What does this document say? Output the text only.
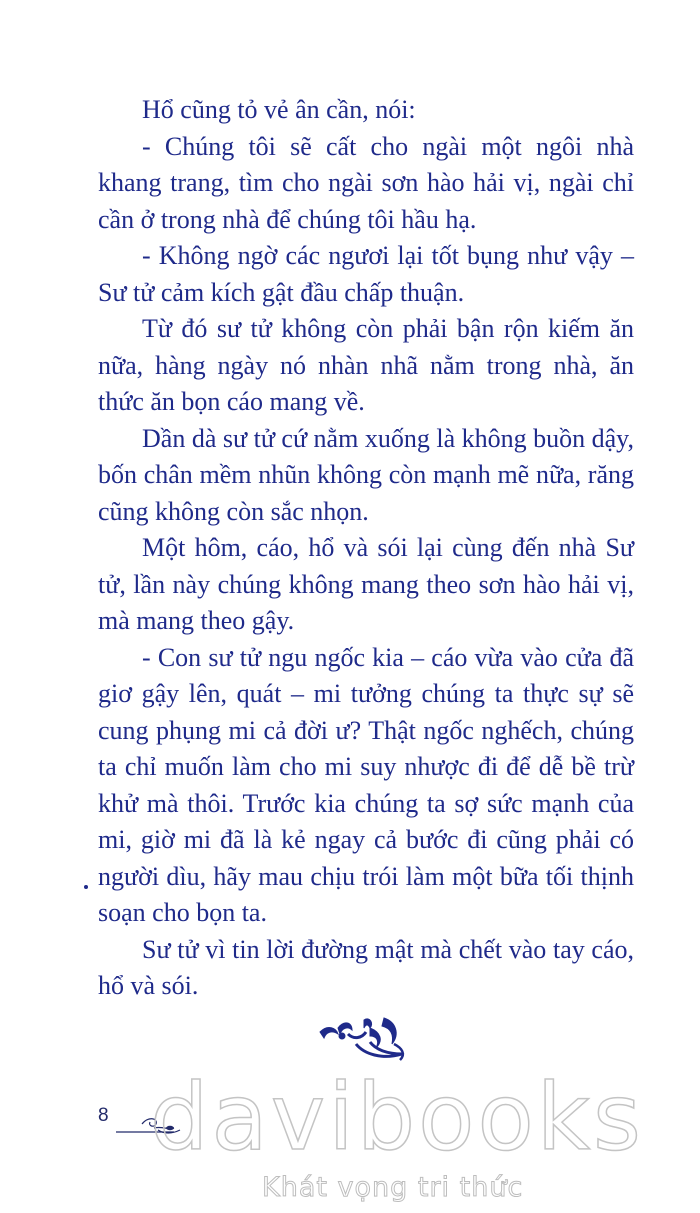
Hổ cũng tỏ vẻ ân cần, nói:

- Chúng tôi sẽ cất cho ngài một ngôi nhà khang trang, tìm cho ngài sơn hào hải vị, ngài chỉ cần ở trong nhà để chúng tôi hầu hạ.

- Không ngờ các ngươi lại tốt bụng như vậy – Sư tử cảm kích gật đầu chấp thuận.

Từ đó sư tử không còn phải bận rộn kiếm ăn nữa, hàng ngày nó nhàn nhã nằm trong nhà, ăn thức ăn bọn cáo mang về.

Dần dà sư tử cứ nằm xuống là không buồn dậy, bốn chân mềm nhũn không còn mạnh mẽ nữa, răng cũng không còn sắc nhọn.

Một hôm, cáo, hổ và sói lại cùng đến nhà Sư tử, lần này chúng không mang theo sơn hào hải vị, mà mang theo gậy.

- Con sư tử ngu ngốc kia – cáo vừa vào cửa đã giơ gậy lên, quát – mi tưởng chúng ta thực sự sẽ cung phụng mi cả đời ư? Thật ngốc nghếch, chúng ta chỉ muốn làm cho mi suy nhược đi để dễ bề trừ khử mà thôi. Trước kia chúng ta sợ sức mạnh của mi, giờ mi đã là kẻ ngay cả bước đi cũng phải có người dìu, hãy mau chịu trói làm một bữa tối thịnh soạn cho bọn ta.

Sư tử vì tin lời đường mật mà chết vào tay cáo, hổ và sói.

8 davibooks
Khát vọng tri thức
